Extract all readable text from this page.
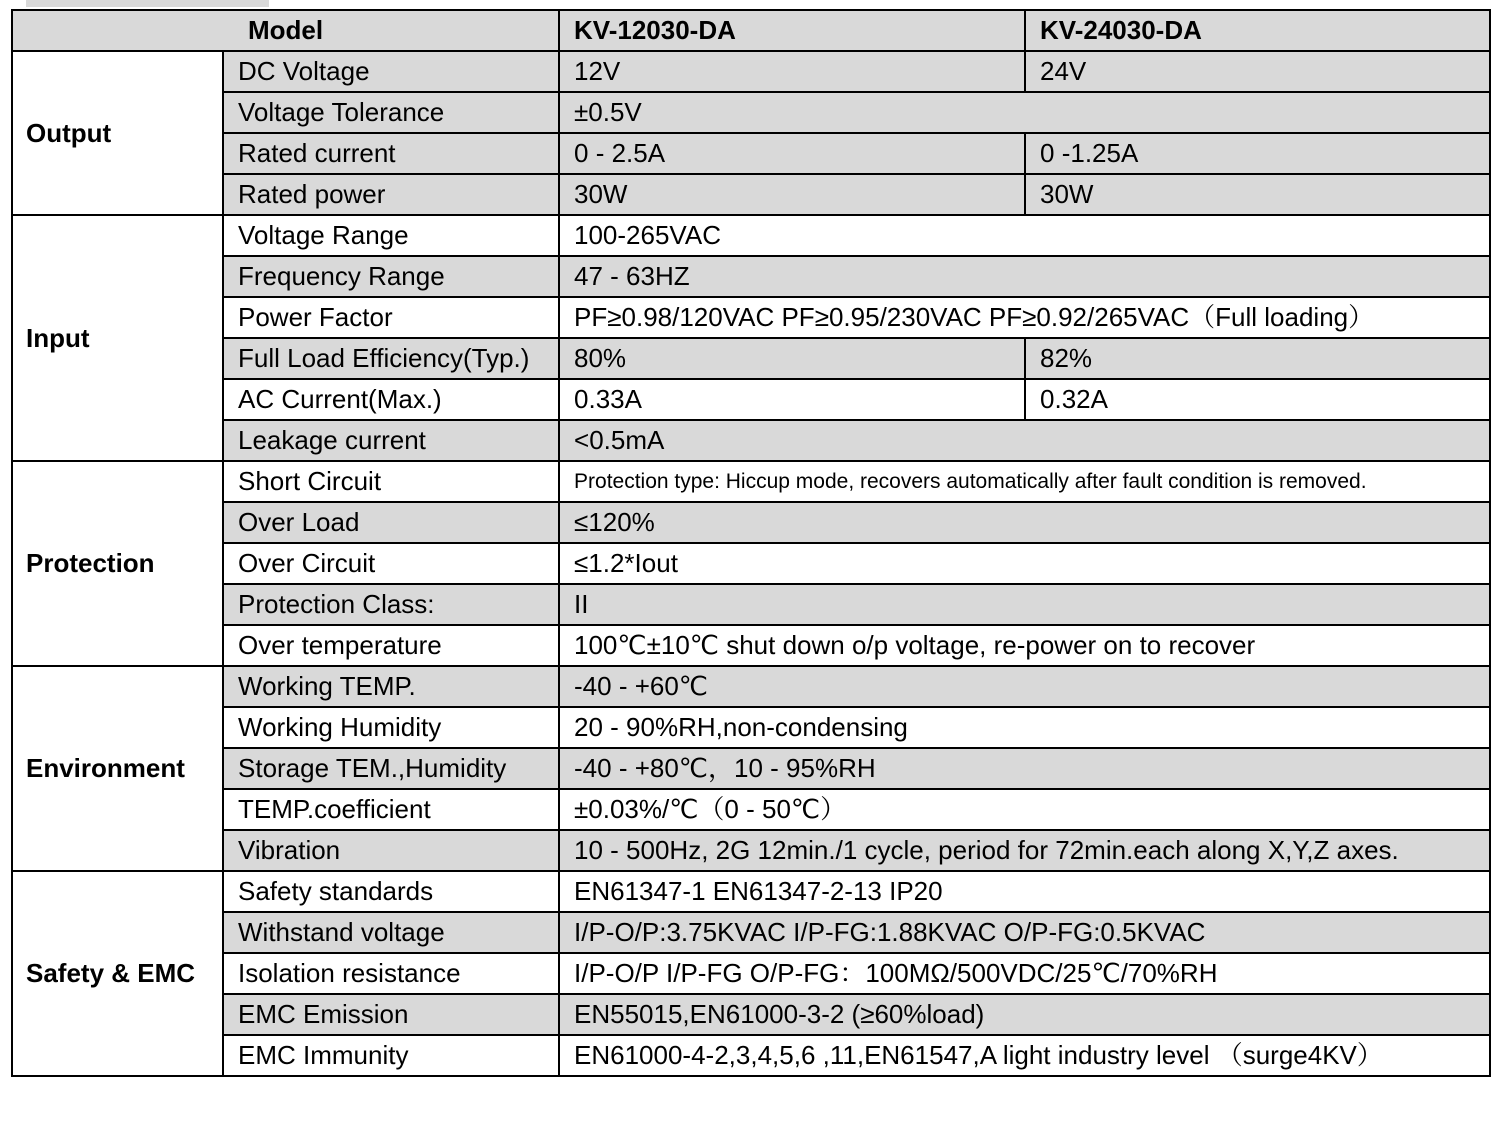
Model		KV-12030-DA	KV-24030-DA
Output	DC Voltage	12V	24V
	Voltage Tolerance	±0.5V	
	Rated current	0 - 2.5A	0 -1.25A
	Rated power	30W	30W
Input	Voltage Range	100-265VAC	
	Frequency Range	47 - 63HZ	
	Power Factor	PF≥0.98/120VAC PF≥0.95/230VAC PF≥0.92/265VAC（Full loading）	
	Full Load Efficiency(Typ.)	80%	82%
	AC Current(Max.)	0.33A	0.32A
	Leakage current	<0.5mA	
Protection	Short Circuit	Protection type: Hiccup mode, recovers automatically after fault condition is removed.	
	Over Load	≤120%	
	Over Circuit	≤1.2*Iout	
	Protection Class:	II	
	Over temperature	100℃±10℃ shut down o/p voltage, re-power on to recover	
Environment	Working TEMP.	-40 - +60℃	
	Working Humidity	20 - 90%RH,non-condensing	
	Storage TEM.,Humidity	-40 - +80℃，10 - 95%RH	
	TEMP.coefficient	±0.03%/℃（0 - 50℃）	
	Vibration	10 - 500Hz, 2G 12min./1 cycle, period for 72min.each along X,Y,Z axes.	
Safety & EMC	Safety standards	EN61347-1 EN61347-2-13 IP20	
	Withstand voltage	I/P-O/P:3.75KVAC I/P-FG:1.88KVAC O/P-FG:0.5KVAC	
	Isolation resistance	I/P-O/P I/P-FG O/P-FG：100MΩ/500VDC/25℃/70%RH	
	EMC Emission	EN55015,EN61000-3-2 (≥60%load)	
	EMC Immunity	EN61000-4-2,3,4,5,6 ,11,EN61547,A light industry level （surge4KV）	
